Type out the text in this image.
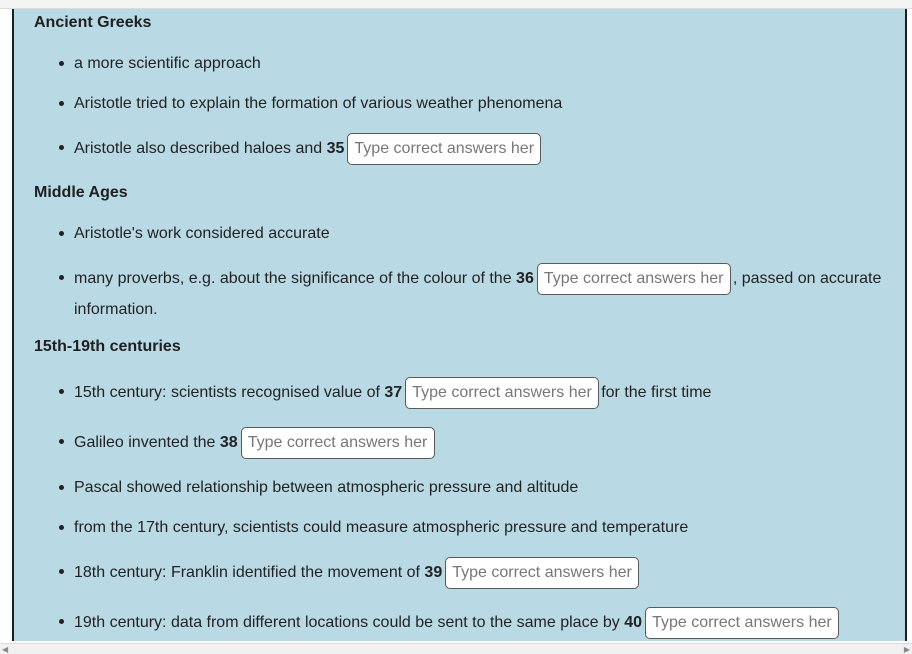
Ancient Greeks
a more scientific approach
Aristotle tried to explain the formation of various weather phenomena
Aristotle also described haloes and 35Type correct answers here
Middle Ages
Aristotle's work considered accurate
many proverbs, e.g. about the significance of the colour of the 36Type correct answers here	, passed on accurate information.
15th-19th centuries
15th century: scientists recognised value of 37Type correct answers here	for the first time
Galileo invented the 38Type correct answers here
Pascal showed relationship between atmospheric pressure and altitude
from the 17th century, scientists could measure atmospheric pressure and temperature
18th century: Franklin identified the movement of 39Type correct answers here
19th century: data from different locations could be sent to the same place by 40Type correct answers here
◀	▶
